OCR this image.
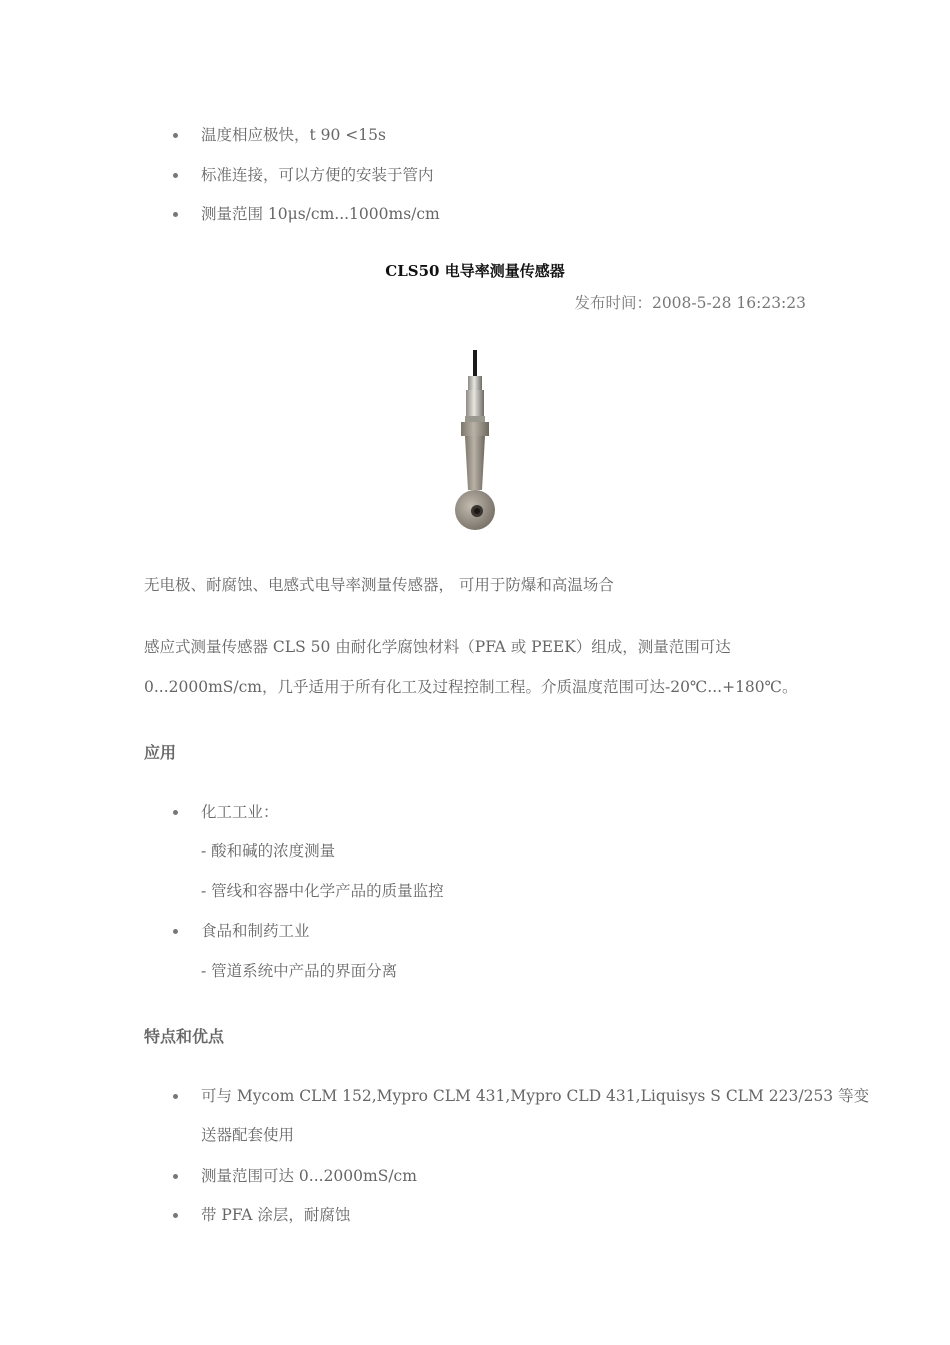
温度相应极快，t 90 <15s
标准连接，可以方便的安装于管内
测量范围 10μs/cm...1000ms/cm
CLS50 电导率测量传感器
发布时间：2008-5-28 16:23:23
无电极、耐腐蚀、电感式电导率测量传感器， 可用于防爆和高温场合
感应式测量传感器 CLS 50 由耐化学腐蚀材料（PFA 或 PEEK）组成，测量范围可达
0...2000mS/cm，几乎适用于所有化工及过程控制工程。介质温度范围可达-20℃...+180℃。
应用
化工工业：
- 酸和碱的浓度测量
- 管线和容器中化学产品的质量监控
食品和制药工业
- 管道系统中产品的界面分离
特点和优点
可与 Mycom CLM 152,Mypro CLM 431,Mypro CLD 431,Liquisys S CLM 223/253 等变
送器配套使用
测量范围可达 0...2000mS/cm
带 PFA 涂层，耐腐蚀
